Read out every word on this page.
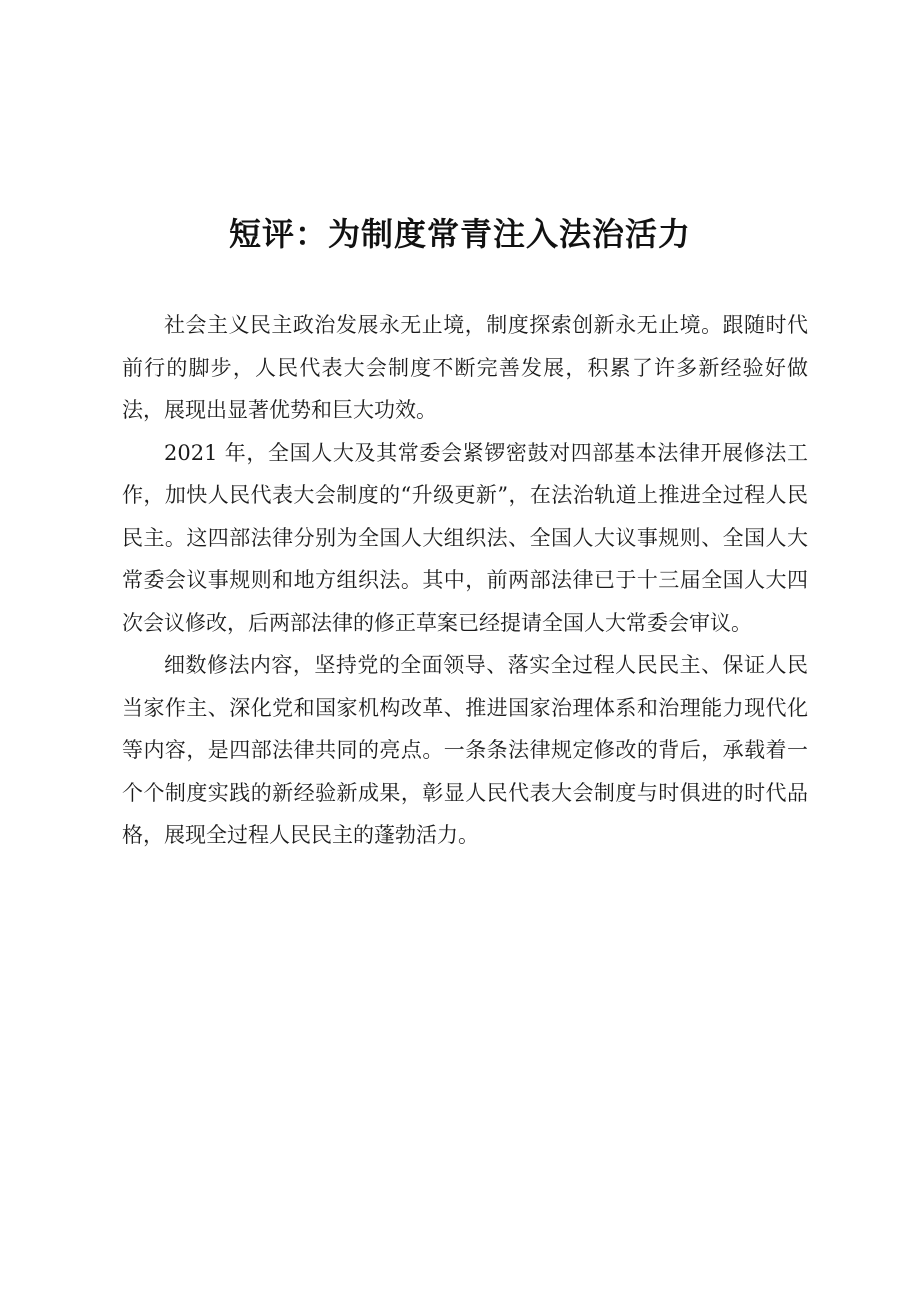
短评：为制度常青注入法治活力

社会主义民主政治发展永无止境，制度探索创新永无止境。跟随时代前行的脚步，人民代表大会制度不断完善发展，积累了许多新经验好做法，展现出显著优势和巨大功效。

2021 年，全国人大及其常委会紧锣密鼓对四部基本法律开展修法工作，加快人民代表大会制度的“升级更新”，在法治轨道上推进全过程人民民主。这四部法律分别为全国人大组织法、全国人大议事规则、全国人大常委会议事规则和地方组织法。其中，前两部法律已于十三届全国人大四次会议修改，后两部法律的修正草案已经提请全国人大常委会审议。

细数修法内容，坚持党的全面领导、落实全过程人民民主、保证人民当家作主、深化党和国家机构改革、推进国家治理体系和治理能力现代化等内容，是四部法律共同的亮点。一条条法律规定修改的背后，承载着一个个制度实践的新经验新成果，彰显人民代表大会制度与时俱进的时代品格，展现全过程人民民主的蓬勃活力。
